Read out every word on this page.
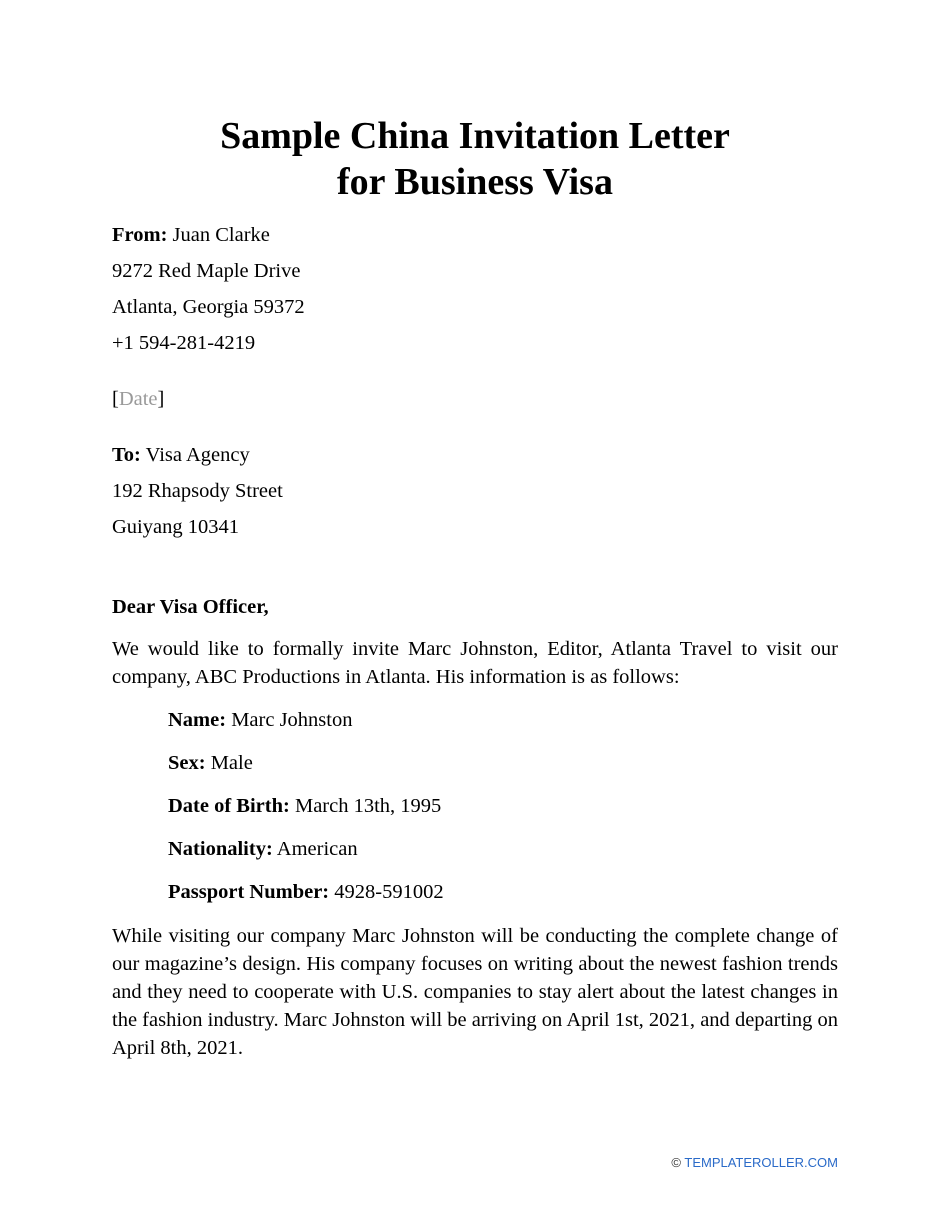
Sample China Invitation Letter
for Business Visa
From: Juan Clarke
9272 Red Maple Drive
Atlanta, Georgia 59372
+1 594-281-4219
[Date]
To: Visa Agency
192 Rhapsody Street
Guiyang 10341
Dear Visa Officer,

We would like to formally invite Marc Johnston, Editor, Atlanta Travel to visit our company, ABC Productions in Atlanta. His information is as follows:

Name: Marc Johnston
Sex: Male
Date of Birth: March 13th, 1995
Nationality: American
Passport Number: 4928-591002

While visiting our company Marc Johnston will be conducting the complete change of our magazine’s design. His company focuses on writing about the newest fashion trends and they need to cooperate with U.S. companies to stay alert about the latest changes in the fashion industry. Marc Johnston will be arriving on April 1st, 2021, and departing on April 8th, 2021.

© TEMPLATEROLLER.COM
